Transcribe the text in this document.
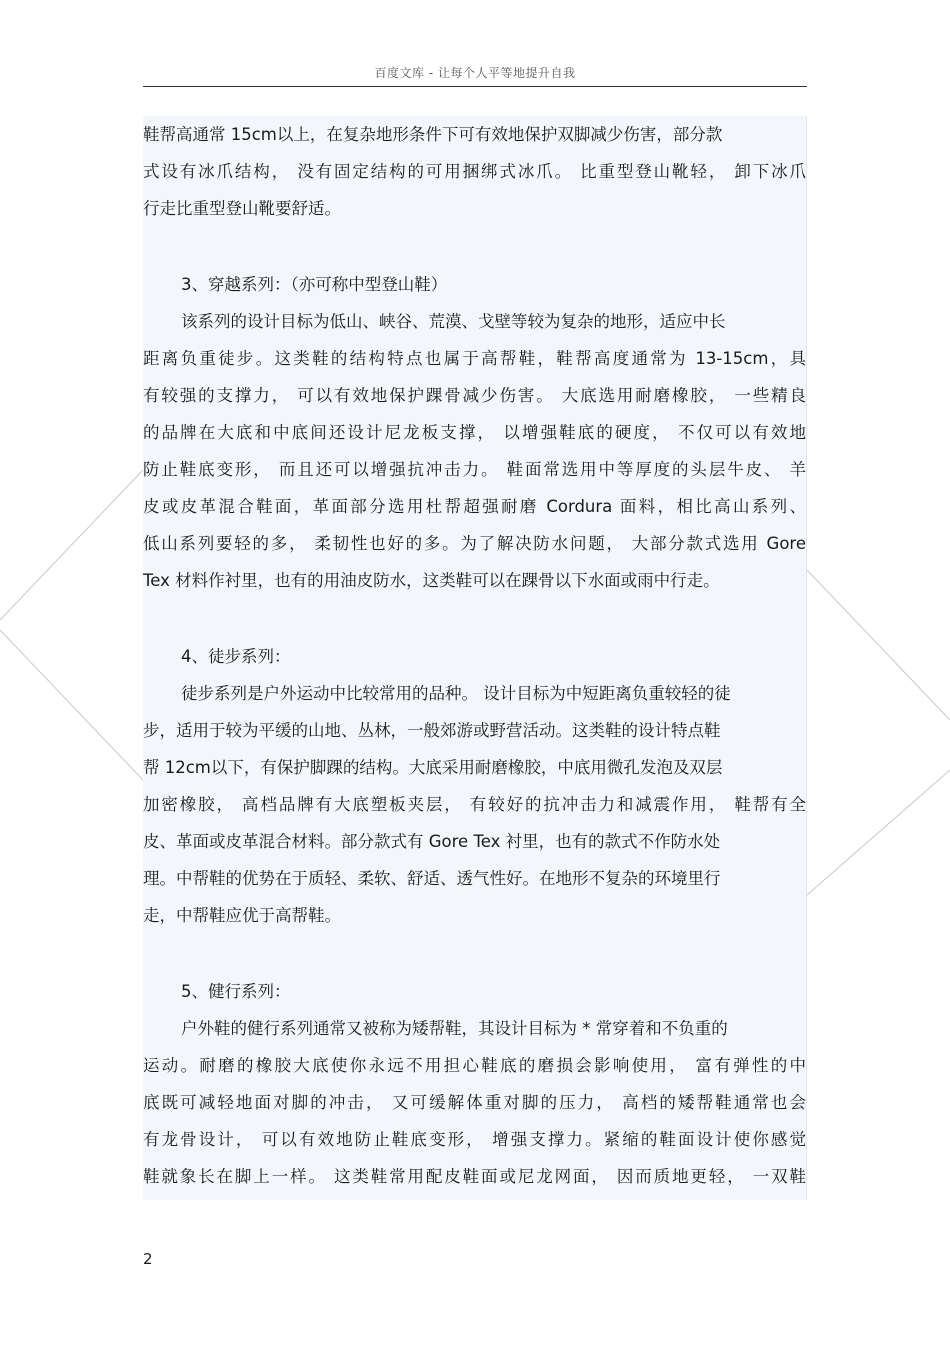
百度文库 - 让每个人平等地提升自我
鞋帮高通常 15cm以上，在复杂地形条件下可有效地保护双脚减少伤害，部分款
式设有冰爪结构， 没有固定结构的可用捆绑式冰爪。 比重型登山靴轻， 卸下冰爪
行走比重型登山靴要舒适。
3、穿越系列：（亦可称中型登山鞋）
该系列的设计目标为低山、峡谷、荒漠、戈壁等较为复杂的地形，适应中长
距离负重徒步。这类鞋的结构特点也属于高帮鞋，鞋帮高度通常为 13-15cm，具
有较强的支撑力， 可以有效地保护踝骨减少伤害。 大底选用耐磨橡胶， 一些精良
的品牌在大底和中底间还设计尼龙板支撑， 以增强鞋底的硬度， 不仅可以有效地
防止鞋底变形， 而且还可以增强抗冲击力。 鞋面常选用中等厚度的头层牛皮、 羊
皮或皮革混合鞋面，革面部分选用杜帮超强耐磨 Cordura 面料，相比高山系列、
低山系列要轻的多， 柔韧性也好的多。为了解决防水问题， 大部分款式选用 Gore
Tex 材料作衬里，也有的用油皮防水，这类鞋可以在踝骨以下水面或雨中行走。
4、徒步系列：
徒步系列是户外运动中比较常用的品种。 设计目标为中短距离负重较轻的徒
步，适用于较为平缓的山地、丛林，一般郊游或野营活动。这类鞋的设计特点鞋
帮 12cm以下，有保护脚踝的结构。大底采用耐磨橡胶，中底用微孔发泡及双层
加密橡胶， 高档品牌有大底塑板夹层， 有较好的抗冲击力和减震作用， 鞋帮有全
皮、革面或皮革混合材料。部分款式有 Gore Tex 衬里，也有的款式不作防水处
理。中帮鞋的优势在于质轻、柔软、舒适、透气性好。在地形不复杂的环境里行
走，中帮鞋应优于高帮鞋。
5、健行系列：
户外鞋的健行系列通常又被称为矮帮鞋，其设计目标为 * 常穿着和不负重的
运动。耐磨的橡胶大底使你永远不用担心鞋底的磨损会影响使用， 富有弹性的中
底既可减轻地面对脚的冲击， 又可缓解体重对脚的压力， 高档的矮帮鞋通常也会
有龙骨设计， 可以有效地防止鞋底变形， 增强支撑力。紧缩的鞋面设计使你感觉
鞋就象长在脚上一样。 这类鞋常用配皮鞋面或尼龙网面， 因而质地更轻， 一双鞋
2
